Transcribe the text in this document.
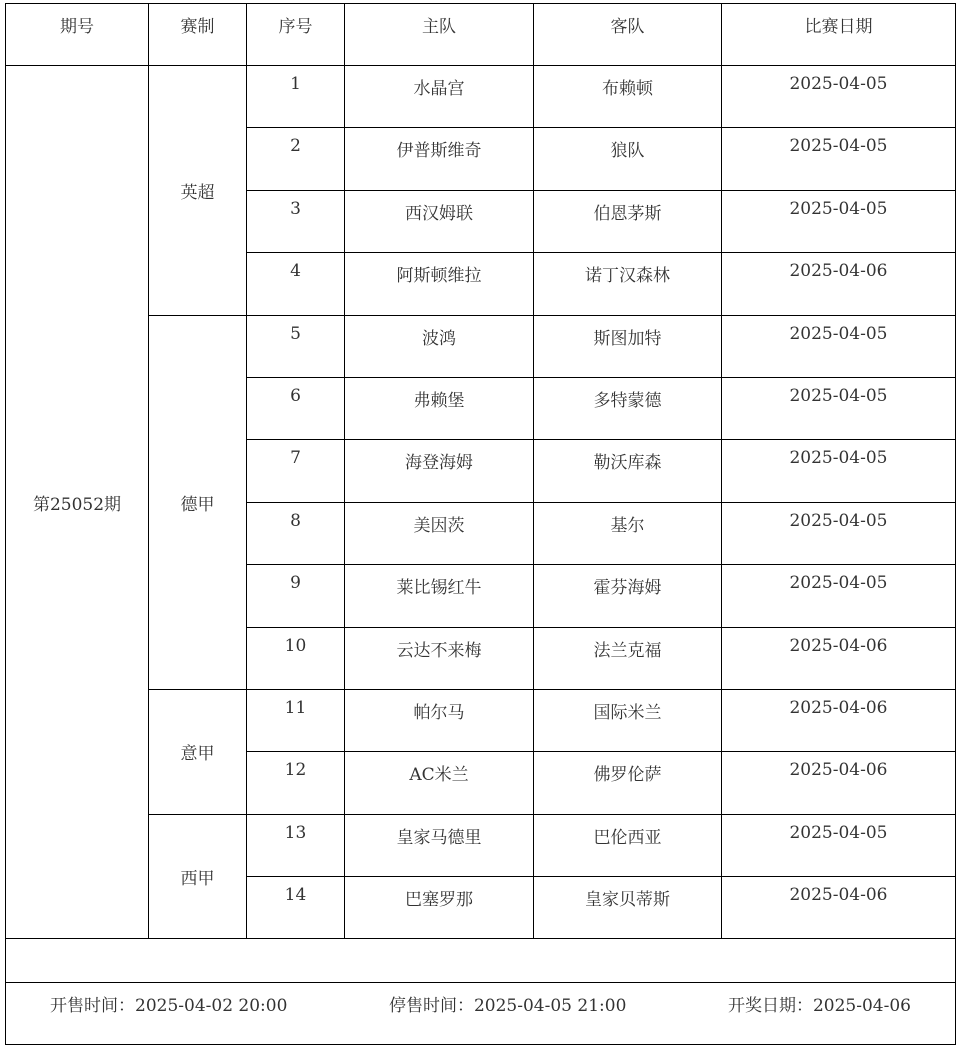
期号	赛制	序号	主队	客队	比赛日期
第25052期	英超	1	水晶宫	布赖顿	2025-04-05
		2	伊普斯维奇	狼队	2025-04-05
		3	西汉姆联	伯恩茅斯	2025-04-05
		4	阿斯顿维拉	诺丁汉森林	2025-04-06
	德甲	5	波鸿	斯图加特	2025-04-05
		6	弗赖堡	多特蒙德	2025-04-05
		7	海登海姆	勒沃库森	2025-04-05
		8	美因茨	基尔	2025-04-05
		9	莱比锡红牛	霍芬海姆	2025-04-05
		10	云达不来梅	法兰克福	2025-04-06
	意甲	11	帕尔马	国际米兰	2025-04-06
		12	AC米兰	佛罗伦萨	2025-04-06
	西甲	13	皇家马德里	巴伦西亚	2025-04-05
		14	巴塞罗那	皇家贝蒂斯	2025-04-06

开售时间：2025-04-02 20:00 停售时间：2025-04-05 21:00 开奖日期：2025-04-06					
